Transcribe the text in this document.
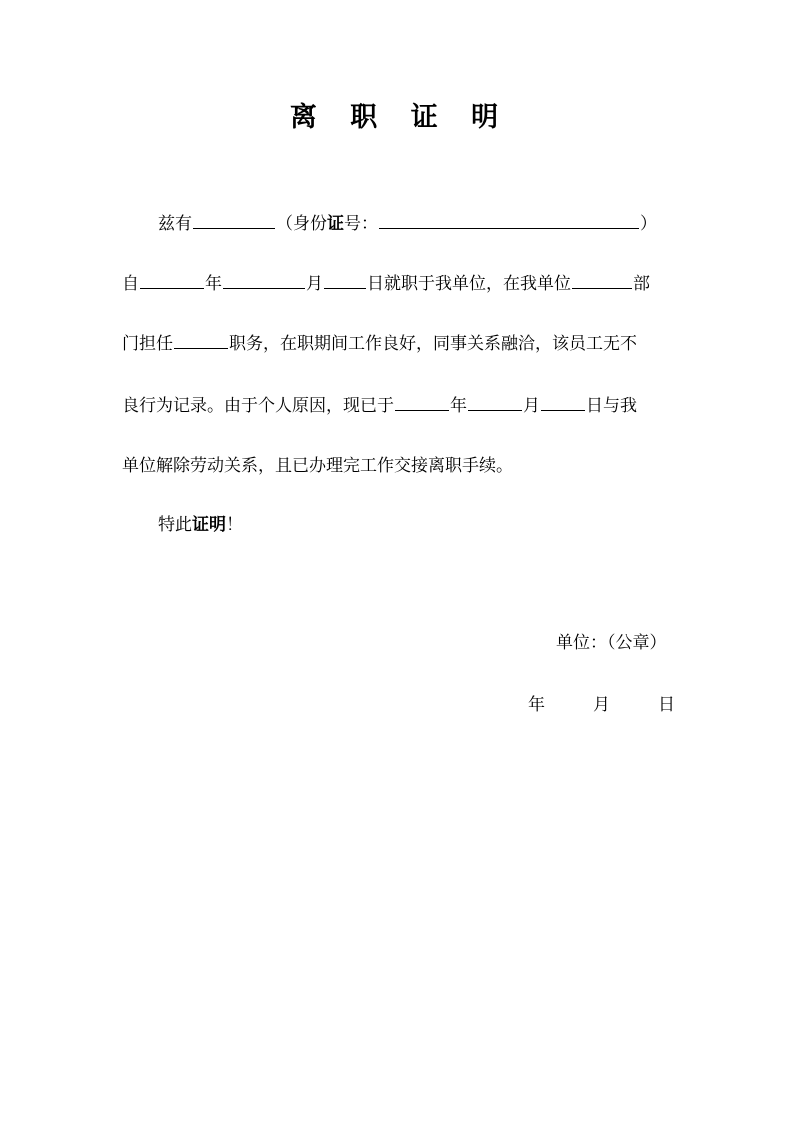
离 职 证 明
兹有	（身份证号：	）
自	年	月	日就职于我单位，在我单位	部
门担任	职务，在职期间工作良好，同事关系融洽，该员工无不
良行为记录。由于个人原因，现已于	年	月	日与我
单位解除劳动关系，且已办理完工作交接离职手续。
特此证明！
单位：（公章）
年	月	日
